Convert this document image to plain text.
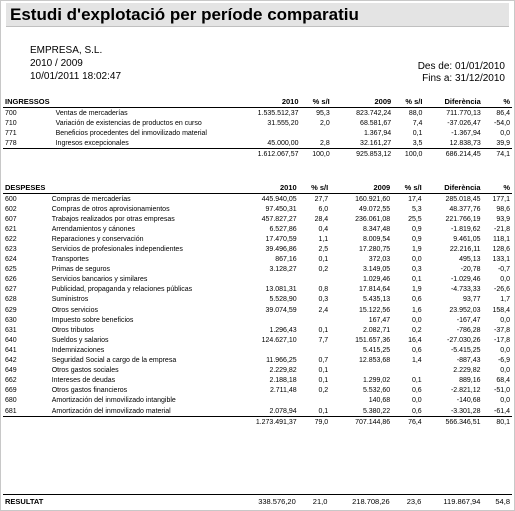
Estudi d'explotació per període comparatiu
EMPRESA, S.L.
2010 / 2009
10/01/2011 18:02:47
Des de: 01/01/2010
Fins a: 31/12/2010
INGRESSOS		2010	% s/I	2009	% s/I	Diferència	%
700	Ventas de mercaderías	1.535.512,37	95,3	823.742,24	88,0	711.770,13	86,4
710	Variación de existencias de productos en curso	31.555,20	2,0	68.581,67	7,4	-37.026,47	-54,0
771	Beneficios procedentes del inmovilizado material			1.367,94	0,1	-1.367,94	0,0
778	Ingresos excepcionales	45.000,00	2,8	32.161,27	3,5	12.838,73	39,9
		1.612.067,57	100,0	925.853,12	100,0	686.214,45	74,1
DESPESES		2010	% s/I	2009	% s/I	Diferència	%
600	Compras de mercaderías	445.940,05	27,7	160.921,60	17,4	285.018,45	177,1
602	Compras de otros aprovisionamientos	97.450,31	6,0	49.072,55	5,3	48.377,76	98,6
607	Trabajos realizados por otras empresas	457.827,27	28,4	236.061,08	25,5	221.766,19	93,9
621	Arrendamientos y cánones	6.527,86	0,4	8.347,48	0,9	-1.819,62	-21,8
622	Reparaciones y conservación	17.470,59	1,1	8.009,54	0,9	9.461,05	118,1
623	Servicios de profesionales independientes	39.496,86	2,5	17.280,75	1,9	22.216,11	128,6
624	Transportes	867,16	0,1	372,03	0,0	495,13	133,1
625	Primas de seguros	3.128,27	0,2	3.149,05	0,3	-20,78	-0,7
626	Servicios bancarios y similares			1.029,46	0,1	-1.029,46	0,0
627	Publicidad, propaganda y relaciones públicas	13.081,31	0,8	17.814,64	1,9	-4.733,33	-26,6
628	Suministros	5.528,90	0,3	5.435,13	0,6	93,77	1,7
629	Otros servicios	39.074,59	2,4	15.122,56	1,6	23.952,03	158,4
630	Impuesto sobre beneficios			167,47	0,0	-167,47	0,0
631	Otros tributos	1.296,43	0,1	2.082,71	0,2	-786,28	-37,8
640	Sueldos y salarios	124.627,10	7,7	151.657,36	16,4	-27.030,26	-17,8
641	Indemnizaciones			5.415,25	0,6	-5.415,25	0,0
642	Seguridad Social a cargo de la empresa	11.966,25	0,7	12.853,68	1,4	-887,43	-6,9
649	Otros gastos sociales	2.229,82	0,1			2.229,82	0,0
662	Intereses de deudas	2.188,18	0,1	1.299,02	0,1	889,16	68,4
669	Otros gastos financieros	2.711,48	0,2	5.532,60	0,6	-2.821,12	-51,0
680	Amortización del inmovilizado intangible			140,68	0,0	-140,68	0,0
681	Amortización del inmovilizado material	2.078,94	0,1	5.380,22	0,6	-3.301,28	-61,4
		1.273.491,37	79,0	707.144,86	76,4	566.346,51	80,1
RESULTAT		338.576,20	21,0	218.708,26	23,6	119.867,94	54,8
